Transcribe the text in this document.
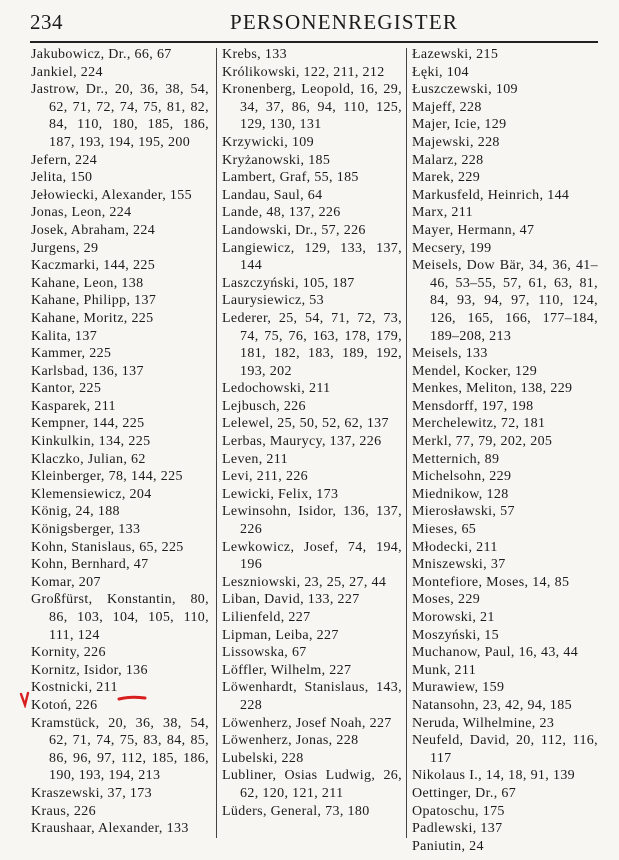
234	PERSONENREGISTER
Jakubowicz, Dr., 66, 67
Jankiel, 224
Jastrow, Dr., 20, 36, 38, 54, 62, 71, 72, 74, 75, 81, 82, 84, 110, 180, 185, 186, 187, 193, 194, 195, 200
Jefern, 224
Jelita, 150
Jełowiecki, Alexander, 155
Jonas, Leon, 224
Josek, Abraham, 224
Jurgens, 29
Kaczmarki, 144, 225
Kahane, Leon, 138
Kahane, Philipp, 137
Kahane, Moritz, 225
Kalita, 137
Kammer, 225
Karlsbad, 136, 137
Kantor, 225
Kasparek, 211
Kempner, 144, 225
Kinkulkin, 134, 225
Klaczko, Julian, 62
Kleinberger, 78, 144, 225
Klemensiewicz, 204
König, 24, 188
Königsberger, 133
Kohn, Stanislaus, 65, 225
Kohn, Bernhard, 47
Komar, 207
Großfürst, Konstantin, 80, 86, 103, 104, 105, 110, 111, 124
Kornity, 226
Kornitz, Isidor, 136
Kostnicki, 211
Kotoń, 226
Kramstück, 20, 36, 38, 54, 62, 71, 74, 75, 83, 84, 85, 86, 96, 97, 112, 185, 186, 190, 193, 194, 213
Kraszewski, 37, 173
Kraus, 226
Kraushaar, Alexander, 133
Krebs, 133
Królikowski, 122, 211, 212
Kronenberg, Leopold, 16, 29, 34, 37, 86, 94, 110, 125, 129, 130, 131
Krzywicki, 109
Kryżanowski, 185
Lambert, Graf, 55, 185
Landau, Saul, 64
Lande, 48, 137, 226
Landowski, Dr., 57, 226
Langiewicz, 129, 133, 137, 144
Laszczyński, 105, 187
Laurysiewicz, 53
Lederer, 25, 54, 71, 72, 73, 74, 75, 76, 163, 178, 179, 181, 182, 183, 189, 192, 193, 202
Ledochowski, 211
Lejbusch, 226
Lelewel, 25, 50, 52, 62, 137
Lerbas, Maurycy, 137, 226
Leven, 211
Levi, 211, 226
Lewicki, Felix, 173
Lewinsohn, Isidor, 136, 137, 226
Lewkowicz, Josef, 74, 194, 196
Leszniowski, 23, 25, 27, 44
Liban, David, 133, 227
Lilienfeld, 227
Lipman, Leiba, 227
Lissowska, 67
Löffler, Wilhelm, 227
Löwenhardt, Stanislaus, 143, 228
Löwenherz, Josef Noah, 227
Löwenherz, Jonas, 228
Lubelski, 228
Lubliner, Osias Ludwig, 26, 62, 120, 121, 211
Lüders, General, 73, 180
Łazewski, 215
Łęki, 104
Łuszczewski, 109
Majeff, 228
Majer, Icie, 129
Majewski, 228
Malarz, 228
Marek, 229
Markusfeld, Heinrich, 144
Marx, 211
Mayer, Hermann, 47
Mecsery, 199
Meisels, Dow Bär, 34, 36, 41–46, 53–55, 57, 61, 63, 81, 84, 93, 94, 97, 110, 124, 126, 165, 166, 177–184, 189–208, 213
Meisels, 133
Mendel, Kocker, 129
Menkes, Meliton, 138, 229
Mensdorff, 197, 198
Merchelewitz, 72, 181
Merkl, 77, 79, 202, 205
Metternich, 89
Michelsohn, 229
Miednikow, 128
Mierosławski, 57
Mieses, 65
Młodecki, 211
Mniszewski, 37
Montefiore, Moses, 14, 85
Moses, 229
Morowski, 21
Moszyński, 15
Muchanow, Paul, 16, 43, 44
Munk, 211
Murawiew, 159
Natansohn, 23, 42, 94, 185
Neruda, Wilhelmine, 23
Neufeld, David, 20, 112, 116, 117
Nikolaus I., 14, 18, 91, 139
Oettinger, Dr., 67
Opatoschu, 175
Padlewski, 137
Paniutin, 24
